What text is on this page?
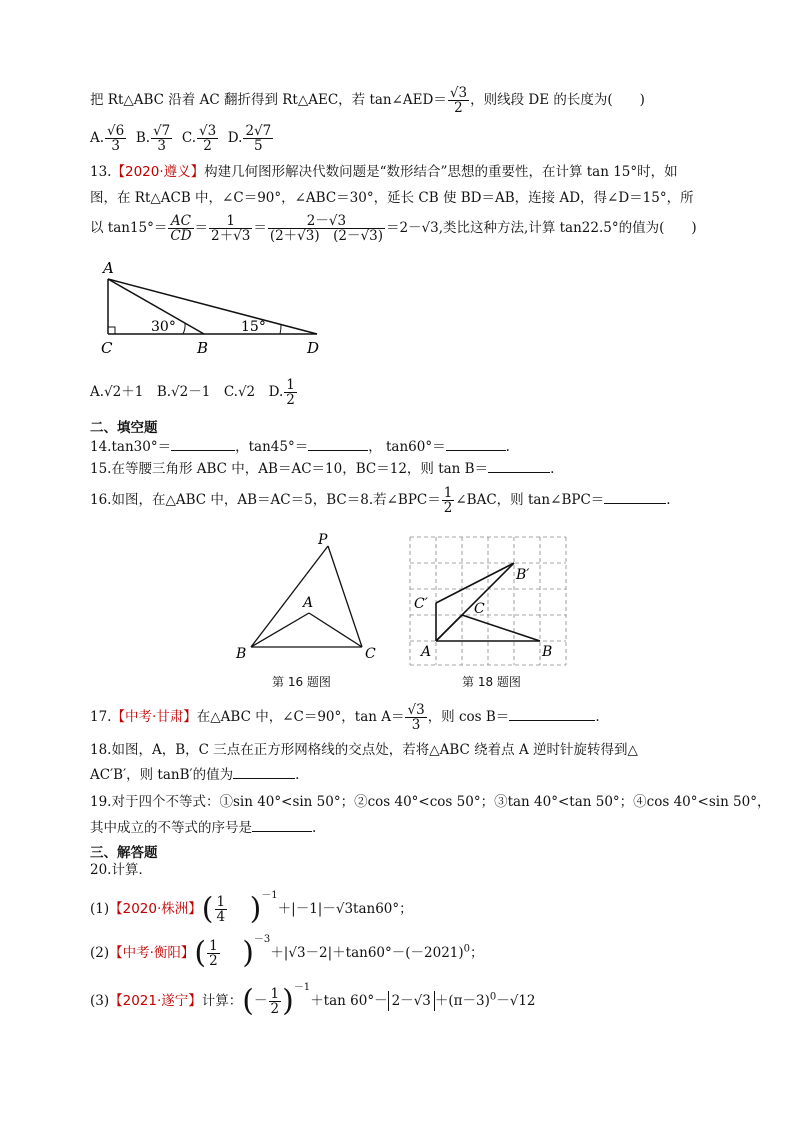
把 Rt△ABC 沿着 AC 翻折得到 Rt△AEC，若 tan∠AED＝ $\frac{√3}{2}$ ，则线段 DE 的长度为(　　)
A. $\frac{√6}{3} B$. $\frac{√7}{3} C$. $\frac{√3}{2} D$. $\frac{2√7}{5}$
13.【2020·遵义】构建几何图形解决代数问题是“数形结合”思想的重要性，在计算 tan 15°时，如
图，在 Rt△ACB 中，∠C＝90°，∠ABC＝30°，延长 CB 使 BD＝AB，连接 AD，得∠D＝15°，所
以 $\tan 15^\circ= \frac{AC}{CD} = \frac{1}{2+√3} = \frac{2-√3}{(2+√3) (2-√3)} =2-√3$,类比这种方法,计算 tan22.5°的值为(　　)
A
C	B	D
30°	15°
A.√2＋1　B.√2－1　C.√2　D. $\frac{1}{2}$
二、填空题
14.tan30°＝	，tan45°＝	， tan60°＝	.
15.在等腰三角形 ABC 中，AB＝AC＝10，BC＝12，则 tan B＝	.
16.如图，在△ABC 中，AB＝AC＝5，BC＝8.若∠BPC＝ $\frac{1}{2}$ ∠BAC，则 tan∠BPC＝	.
P
A
B	C
第 16 题图
A	B
C
C′
B′
第 18 题图
17.【中考·甘肃】在△ABC 中，∠C＝90°，$\tan A= \frac{√3}{3}$ ，则 cos B＝	.
18.如图，A，B，C 三点在正方形网格线的交点处，若将△ABC 绕着点 A 逆时针旋转得到△
AC′B′，则 tanB′的值为	.
19.对于四个不等式：①sin 40°<sin 50°；②cos 40°<cos 50°；③tan 40°<tan 50°；④cos 40°<sin 50°，
其中成立的不等式的序号是	.
三、解答题
20.计算．
(1)【2020·株洲】( $\frac{1}{4} )^{-1}+|-1|-√3\tan 60^\circ$；
(2)【中考·衡阳】( $\frac{1}{2} )^{-3}+|√3-2|+\tan 60^\circ-(-2021)^0$；
(3)【2021·遂宁】计算：(－ $\frac{1}{2} )^{-1}+\tan$ $60^\circ- 2-√3 +(\pi-3)^0-√12$
